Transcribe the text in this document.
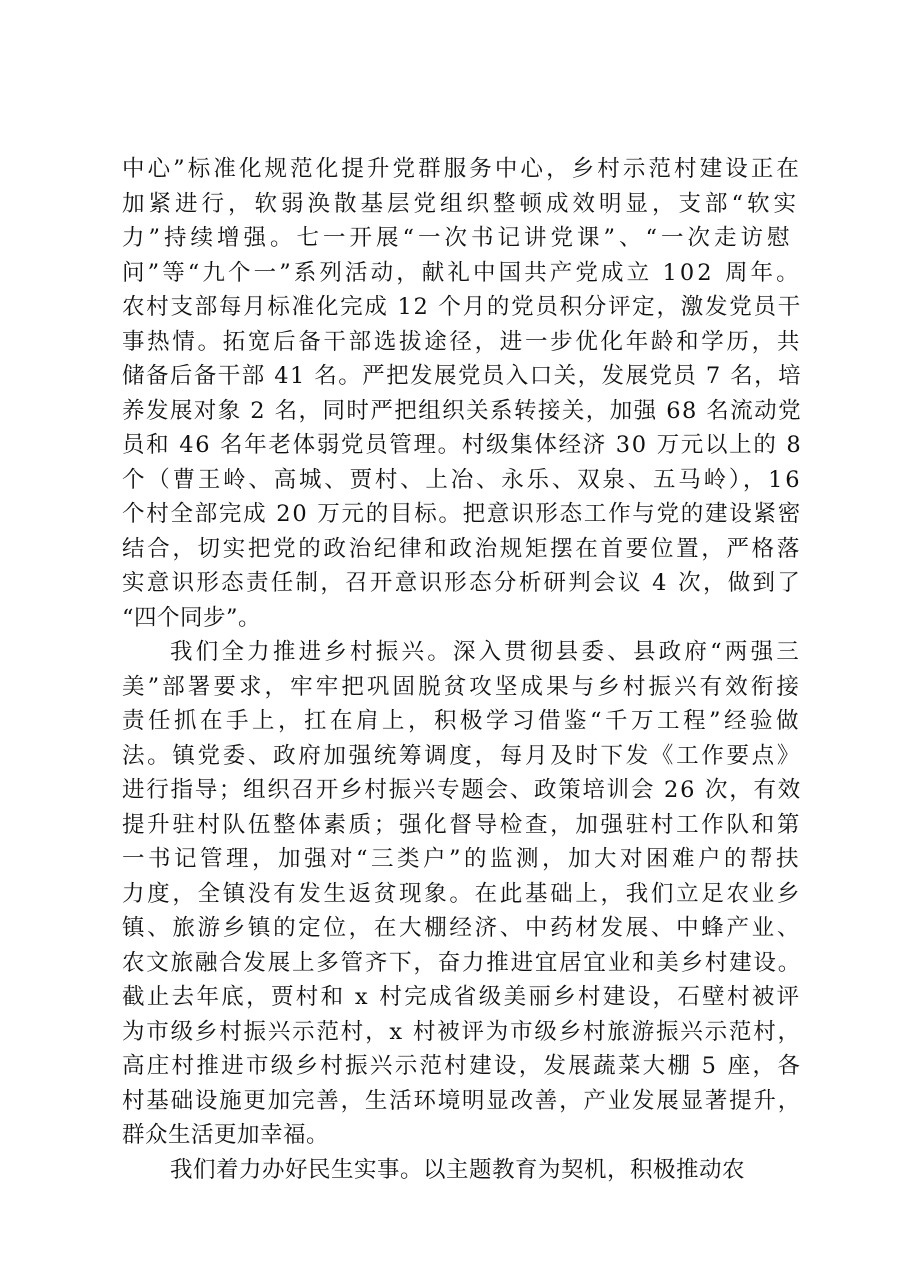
中心”标准化规范化提升党群服务中心，乡村示范村建设正在
加紧进行，软弱涣散基层党组织整顿成效明显，支部“软实
力”持续增强。七一开展“一次书记讲党课”、“一次走访慰
问”等“九个一”系列活动，献礼中国共产党成立 102 周年。
农村支部每月标准化完成 12 个月的党员积分评定，激发党员干
事热情。拓宽后备干部选拔途径，进一步优化年龄和学历，共
储备后备干部 41 名。严把发展党员入口关，发展党员 7 名，培
养发展对象 2 名，同时严把组织关系转接关，加强 68 名流动党
员和 46 名年老体弱党员管理。村级集体经济 30 万元以上的 8
个（曹王岭、高城、贾村、上冶、永乐、双泉、五马岭），16
个村全部完成 20 万元的目标。把意识形态工作与党的建设紧密
结合，切实把党的政治纪律和政治规矩摆在首要位置，严格落
实意识形态责任制，召开意识形态分析研判会议 4 次，做到了
“四个同步”。
我们全力推进乡村振兴。深入贯彻县委、县政府“两强三
美”部署要求，牢牢把巩固脱贫攻坚成果与乡村振兴有效衔接
责任抓在手上，扛在肩上，积极学习借鉴“千万工程”经验做
法。镇党委、政府加强统筹调度，每月及时下发《工作要点》
进行指导；组织召开乡村振兴专题会、政策培训会 26 次，有效
提升驻村队伍整体素质；强化督导检查，加强驻村工作队和第
一书记管理，加强对“三类户”的监测，加大对困难户的帮扶
力度，全镇没有发生返贫现象。在此基础上，我们立足农业乡
镇、旅游乡镇的定位，在大棚经济、中药材发展、中蜂产业、
农文旅融合发展上多管齐下，奋力推进宜居宜业和美乡村建设。
截止去年底，贾村和 x 村完成省级美丽乡村建设，石壁村被评
为市级乡村振兴示范村，x 村被评为市级乡村旅游振兴示范村，
高庄村推进市级乡村振兴示范村建设，发展蔬菜大棚 5 座，各
村基础设施更加完善，生活环境明显改善，产业发展显著提升，
群众生活更加幸福。
我们着力办好民生实事。以主题教育为契机，积极推动农
